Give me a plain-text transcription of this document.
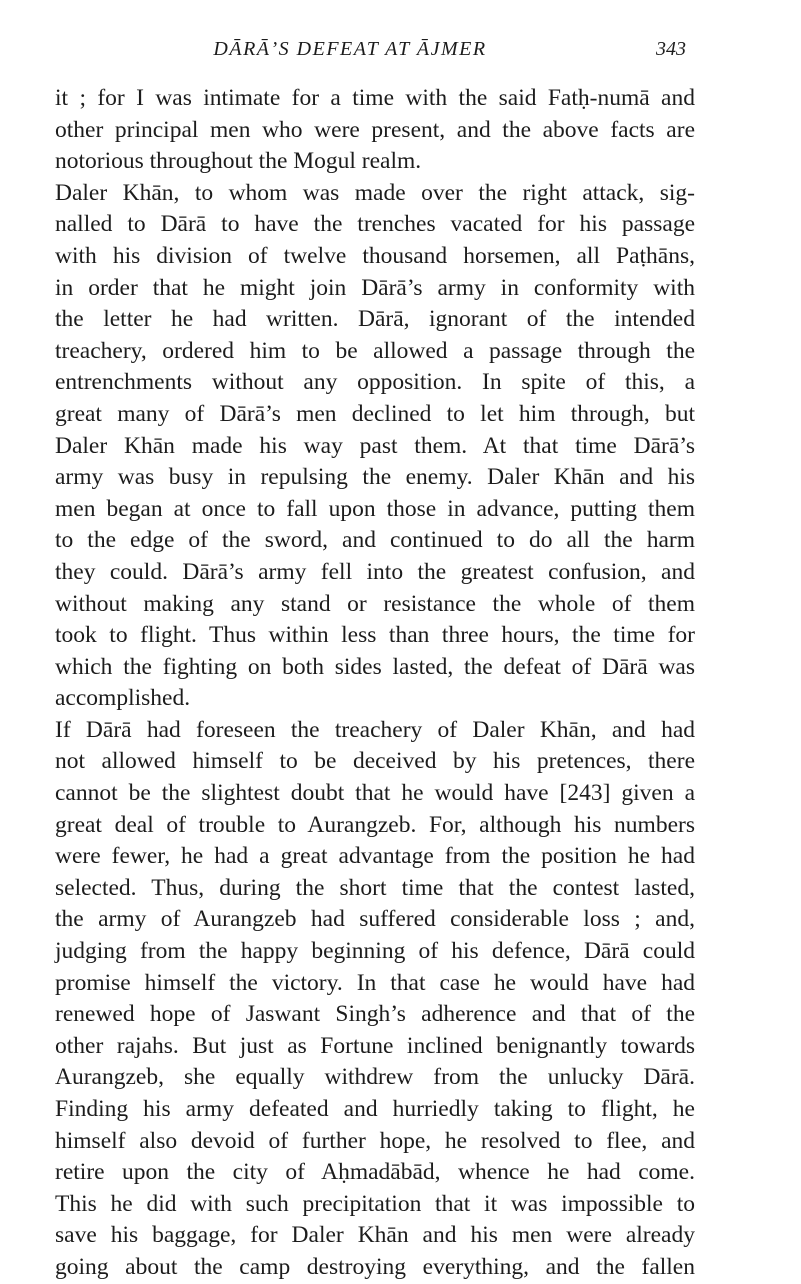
DĀRĀ’S DEFEAT AT ĀJMER	343
it ; for I was intimate for a time with the said Fatḥ-numā and
other principal men who were present, and the above facts are
notorious throughout the Mogul realm.
Daler Khān, to whom was made over the right attack, sig-
nalled to Dārā to have the trenches vacated for his passage
with his division of twelve thousand horsemen, all Paṭhāns,
in order that he might join Dārā’s army in conformity with
the letter he had written. Dārā, ignorant of the intended
treachery, ordered him to be allowed a passage through the
entrenchments without any opposition. In spite of this, a
great many of Dārā’s men declined to let him through, but
Daler Khān made his way past them. At that time Dārā’s
army was busy in repulsing the enemy. Daler Khān and his
men began at once to fall upon those in advance, putting them
to the edge of the sword, and continued to do all the harm
they could. Dārā’s army fell into the greatest confusion, and
without making any stand or resistance the whole of them
took to flight. Thus within less than three hours, the time for
which the fighting on both sides lasted, the defeat of Dārā was
accomplished.
If Dārā had foreseen the treachery of Daler Khān, and had
not allowed himself to be deceived by his pretences, there
cannot be the slightest doubt that he would have [243] given a
great deal of trouble to Aurangzeb. For, although his numbers
were fewer, he had a great advantage from the position he had
selected. Thus, during the short time that the contest lasted,
the army of Aurangzeb had suffered considerable loss ; and,
judging from the happy beginning of his defence, Dārā could
promise himself the victory. In that case he would have had
renewed hope of Jaswant Singh’s adherence and that of the
other rajahs. But just as Fortune inclined benignantly towards
Aurangzeb, she equally withdrew from the unlucky Dārā.
Finding his army defeated and hurriedly taking to flight, he
himself also devoid of further hope, he resolved to flee, and
retire upon the city of Aḥmadābād, whence he had come.
This he did with such precipitation that it was impossible to
save his baggage, for Daler Khān and his men were already
going about the camp destroying everything, and the fallen
